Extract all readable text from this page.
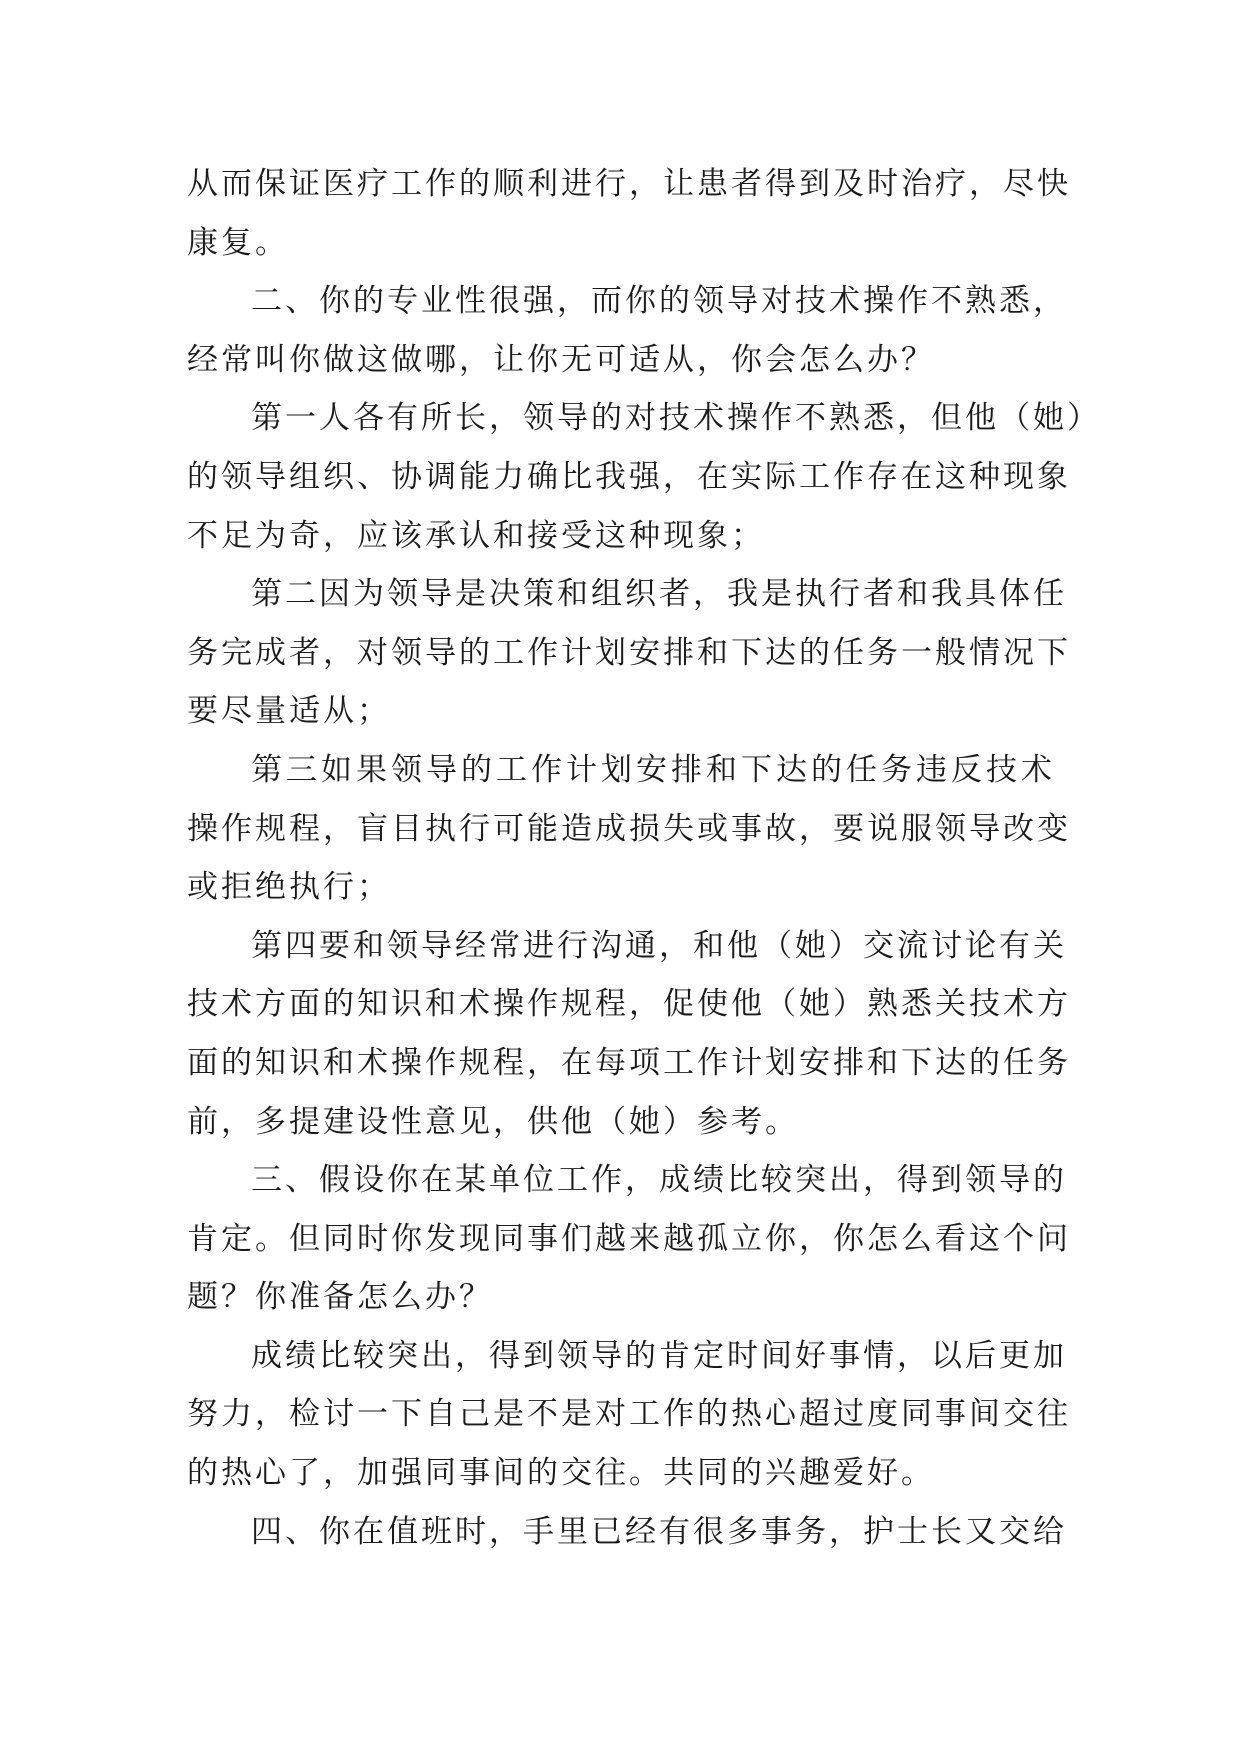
从而保证医疗工作的顺利进行，让患者得到及时治疗，尽快
康复。
二、你的专业性很强，而你的领导对技术操作不熟悉，
经常叫你做这做哪，让你无可适从，你会怎么办？
第一人各有所长，领导的对技术操作不熟悉，但他（她）
的领导组织、协调能力确比我强，在实际工作存在这种现象
不足为奇，应该承认和接受这种现象；
第二因为领导是决策和组织者，我是执行者和我具体任
务完成者，对领导的工作计划安排和下达的任务一般情况下
要尽量适从；
第三如果领导的工作计划安排和下达的任务违反技术
操作规程，盲目执行可能造成损失或事故，要说服领导改变
或拒绝执行；
第四要和领导经常进行沟通，和他（她）交流讨论有关
技术方面的知识和术操作规程，促使他（她）熟悉关技术方
面的知识和术操作规程，在每项工作计划安排和下达的任务
前，多提建设性意见，供他（她）参考。
三、假设你在某单位工作，成绩比较突出，得到领导的
肯定。但同时你发现同事们越来越孤立你，你怎么看这个问
题？你准备怎么办？
成绩比较突出，得到领导的肯定时间好事情，以后更加
努力，检讨一下自己是不是对工作的热心超过度同事间交往
的热心了，加强同事间的交往。共同的兴趣爱好。
四、你在值班时，手里已经有很多事务，护士长又交给
